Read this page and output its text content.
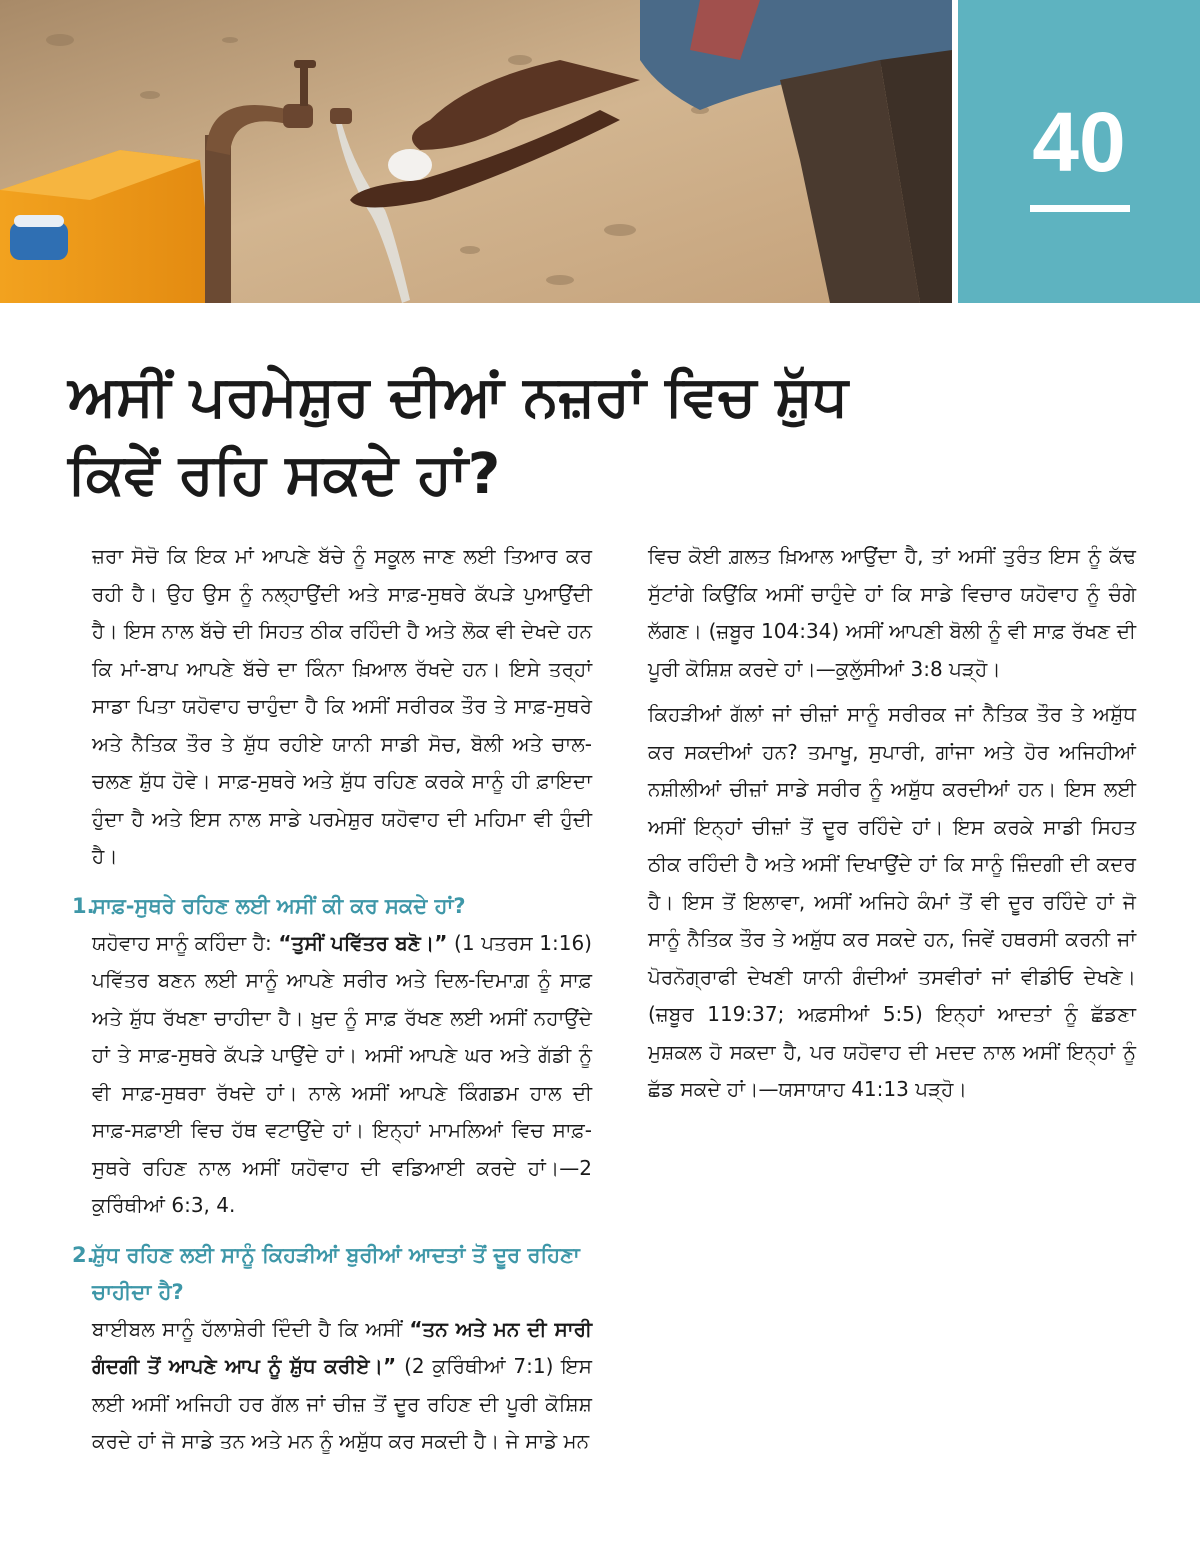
40
ਅਸੀਂ ਪਰਮੇਸ਼ੁਰ ਦੀਆਂ ਨਜ਼ਰਾਂ ਵਿਚ ਸ਼ੁੱਧ
ਕਿਵੇਂ ਰਹਿ ਸਕਦੇ ਹਾਂ?

ਜ਼ਰਾ ਸੋਚੋ ਕਿ ਇਕ ਮਾਂ ਆਪਣੇ ਬੱਚੇ ਨੂੰ ਸਕੂਲ ਜਾਣ ਲਈ ਤਿਆਰ ਕਰ ਰਹੀ ਹੈ। ਉਹ ਉਸ ਨੂੰ ਨਲ੍ਹਾਉਂਦੀ ਅਤੇ ਸਾਫ਼-ਸੁਥਰੇ ਕੱਪੜੇ ਪੁਆਉਂਦੀ ਹੈ। ਇਸ ਨਾਲ ਬੱਚੇ ਦੀ ਸਿਹਤ ਠੀਕ ਰਹਿੰਦੀ ਹੈ ਅਤੇ ਲੋਕ ਵੀ ਦੇਖਦੇ ਹਨ ਕਿ ਮਾਂ-ਬਾਪ ਆਪਣੇ ਬੱਚੇ ਦਾ ਕਿੰਨਾ ਖ਼ਿਆਲ ਰੱਖਦੇ ਹਨ। ਇਸੇ ਤਰ੍ਹਾਂ ਸਾਡਾ ਪਿਤਾ ਯਹੋਵਾਹ ਚਾਹੁੰਦਾ ਹੈ ਕਿ ਅਸੀਂ ਸਰੀਰਕ ਤੌਰ ਤੇ ਸਾਫ਼-ਸੁਥਰੇ ਅਤੇ ਨੈਤਿਕ ਤੌਰ ਤੇ ਸ਼ੁੱਧ ਰਹੀਏ ਯਾਨੀ ਸਾਡੀ ਸੋਚ, ਬੋਲੀ ਅਤੇ ਚਾਲ-ਚਲਣ ਸ਼ੁੱਧ ਹੋਵੇ। ਸਾਫ਼-ਸੁਥਰੇ ਅਤੇ ਸ਼ੁੱਧ ਰਹਿਣ ਕਰਕੇ ਸਾਨੂੰ ਹੀ ਫ਼ਾਇਦਾ ਹੁੰਦਾ ਹੈ ਅਤੇ ਇਸ ਨਾਲ ਸਾਡੇ ਪਰਮੇਸ਼ੁਰ ਯਹੋਵਾਹ ਦੀ ਮਹਿਮਾ ਵੀ ਹੁੰਦੀ ਹੈ।

1.
ਸਾਫ਼-ਸੁਥਰੇ ਰਹਿਣ ਲਈ ਅਸੀਂ ਕੀ ਕਰ ਸਕਦੇ ਹਾਂ?

ਯਹੋਵਾਹ ਸਾਨੂੰ ਕਹਿੰਦਾ ਹੈ: “ਤੁਸੀਂ ਪਵਿੱਤਰ ਬਣੋ।” (1 ਪਤਰਸ 1:16) ਪਵਿੱਤਰ ਬਣਨ ਲਈ ਸਾਨੂੰ ਆਪਣੇ ਸਰੀਰ ਅਤੇ ਦਿਲ-ਦਿਮਾਗ਼ ਨੂੰ ਸਾਫ਼ ਅਤੇ ਸ਼ੁੱਧ ਰੱਖਣਾ ਚਾਹੀਦਾ ਹੈ। ਖ਼ੁਦ ਨੂੰ ਸਾਫ਼ ਰੱਖਣ ਲਈ ਅਸੀਂ ਨਹਾਉਂਦੇ ਹਾਂ ਤੇ ਸਾਫ਼-ਸੁਥਰੇ ਕੱਪੜੇ ਪਾਉਂਦੇ ਹਾਂ। ਅਸੀਂ ਆਪਣੇ ਘਰ ਅਤੇ ਗੱਡੀ ਨੂੰ ਵੀ ਸਾਫ਼-ਸੁਥਰਾ ਰੱਖਦੇ ਹਾਂ। ਨਾਲੇ ਅਸੀਂ ਆਪਣੇ ਕਿੰਗਡਮ ਹਾਲ ਦੀ ਸਾਫ਼-ਸਫ਼ਾਈ ਵਿਚ ਹੱਥ ਵਟਾਉਂਦੇ ਹਾਂ। ਇਨ੍ਹਾਂ ਮਾਮਲਿਆਂ ਵਿਚ ਸਾਫ਼-ਸੁਥਰੇ ਰਹਿਣ ਨਾਲ ਅਸੀਂ ਯਹੋਵਾਹ ਦੀ ਵਡਿਆਈ ਕਰਦੇ ਹਾਂ।—2 ਕੁਰਿੰਥੀਆਂ 6:3, 4.

2.
ਸ਼ੁੱਧ ਰਹਿਣ ਲਈ ਸਾਨੂੰ ਕਿਹੜੀਆਂ ਬੁਰੀਆਂ ਆਦਤਾਂ ਤੋਂ ਦੂਰ ਰਹਿਣਾ ਚਾਹੀਦਾ ਹੈ?

ਬਾਈਬਲ ਸਾਨੂੰ ਹੱਲਾਸ਼ੇਰੀ ਦਿੰਦੀ ਹੈ ਕਿ ਅਸੀਂ “ਤਨ ਅਤੇ ਮਨ ਦੀ ਸਾਰੀ ਗੰਦਗੀ ਤੋਂ ਆਪਣੇ ਆਪ ਨੂੰ ਸ਼ੁੱਧ ਕਰੀਏ।” (2 ਕੁਰਿੰਥੀਆਂ 7:1) ਇਸ ਲਈ ਅਸੀਂ ਅਜਿਹੀ ਹਰ ਗੱਲ ਜਾਂ ਚੀਜ਼ ਤੋਂ ਦੂਰ ਰਹਿਣ ਦੀ ਪੂਰੀ ਕੋਸ਼ਿਸ਼ ਕਰਦੇ ਹਾਂ ਜੋ ਸਾਡੇ ਤਨ ਅਤੇ ਮਨ ਨੂੰ ਅਸ਼ੁੱਧ ਕਰ ਸਕਦੀ ਹੈ। ਜੇ ਸਾਡੇ ਮਨ

ਵਿਚ ਕੋਈ ਗ਼ਲਤ ਖ਼ਿਆਲ ਆਉਂਦਾ ਹੈ, ਤਾਂ ਅਸੀਂ ਤੁਰੰਤ ਇਸ ਨੂੰ ਕੱਢ ਸੁੱਟਾਂਗੇ ਕਿਉਂਕਿ ਅਸੀਂ ਚਾਹੁੰਦੇ ਹਾਂ ਕਿ ਸਾਡੇ ਵਿਚਾਰ ਯਹੋਵਾਹ ਨੂੰ ਚੰਗੇ ਲੱਗਣ। (ਜ਼ਬੂਰ 104:34) ਅਸੀਂ ਆਪਣੀ ਬੋਲੀ ਨੂੰ ਵੀ ਸਾਫ਼ ਰੱਖਣ ਦੀ ਪੂਰੀ ਕੋਸ਼ਿਸ਼ ਕਰਦੇ ਹਾਂ।—ਕੁਲੁੱਸੀਆਂ 3:8 ਪੜ੍ਹੋ।

ਕਿਹੜੀਆਂ ਗੱਲਾਂ ਜਾਂ ਚੀਜ਼ਾਂ ਸਾਨੂੰ ਸਰੀਰਕ ਜਾਂ ਨੈਤਿਕ ਤੌਰ ਤੇ ਅਸ਼ੁੱਧ ਕਰ ਸਕਦੀਆਂ ਹਨ? ਤਮਾਖੂ, ਸੁਪਾਰੀ, ਗਾਂਜਾ ਅਤੇ ਹੋਰ ਅਜਿਹੀਆਂ ਨਸ਼ੀਲੀਆਂ ਚੀਜ਼ਾਂ ਸਾਡੇ ਸਰੀਰ ਨੂੰ ਅਸ਼ੁੱਧ ਕਰਦੀਆਂ ਹਨ। ਇਸ ਲਈ ਅਸੀਂ ਇਨ੍ਹਾਂ ਚੀਜ਼ਾਂ ਤੋਂ ਦੂਰ ਰਹਿੰਦੇ ਹਾਂ। ਇਸ ਕਰਕੇ ਸਾਡੀ ਸਿਹਤ ਠੀਕ ਰਹਿੰਦੀ ਹੈ ਅਤੇ ਅਸੀਂ ਦਿਖਾਉਂਦੇ ਹਾਂ ਕਿ ਸਾਨੂੰ ਜ਼ਿੰਦਗੀ ਦੀ ਕਦਰ ਹੈ। ਇਸ ਤੋਂ ਇਲਾਵਾ, ਅਸੀਂ ਅਜਿਹੇ ਕੰਮਾਂ ਤੋਂ ਵੀ ਦੂਰ ਰਹਿੰਦੇ ਹਾਂ ਜੋ ਸਾਨੂੰ ਨੈਤਿਕ ਤੌਰ ਤੇ ਅਸ਼ੁੱਧ ਕਰ ਸਕਦੇ ਹਨ, ਜਿਵੇਂ ਹਥਰਸੀ ਕਰਨੀ ਜਾਂ ਪੋਰਨੋਗ੍ਰਾਫੀ ਦੇਖਣੀ ਯਾਨੀ ਗੰਦੀਆਂ ਤਸਵੀਰਾਂ ਜਾਂ ਵੀਡੀਓ ਦੇਖਣੇ। (ਜ਼ਬੂਰ 119:37; ਅਫ਼ਸੀਆਂ 5:5) ਇਨ੍ਹਾਂ ਆਦਤਾਂ ਨੂੰ ਛੱਡਣਾ ਮੁਸ਼ਕਲ ਹੋ ਸਕਦਾ ਹੈ, ਪਰ ਯਹੋਵਾਹ ਦੀ ਮਦਦ ਨਾਲ ਅਸੀਂ ਇਨ੍ਹਾਂ ਨੂੰ ਛੱਡ ਸਕਦੇ ਹਾਂ।—ਯਸਾਯਾਹ 41:13 ਪੜ੍ਹੋ।
